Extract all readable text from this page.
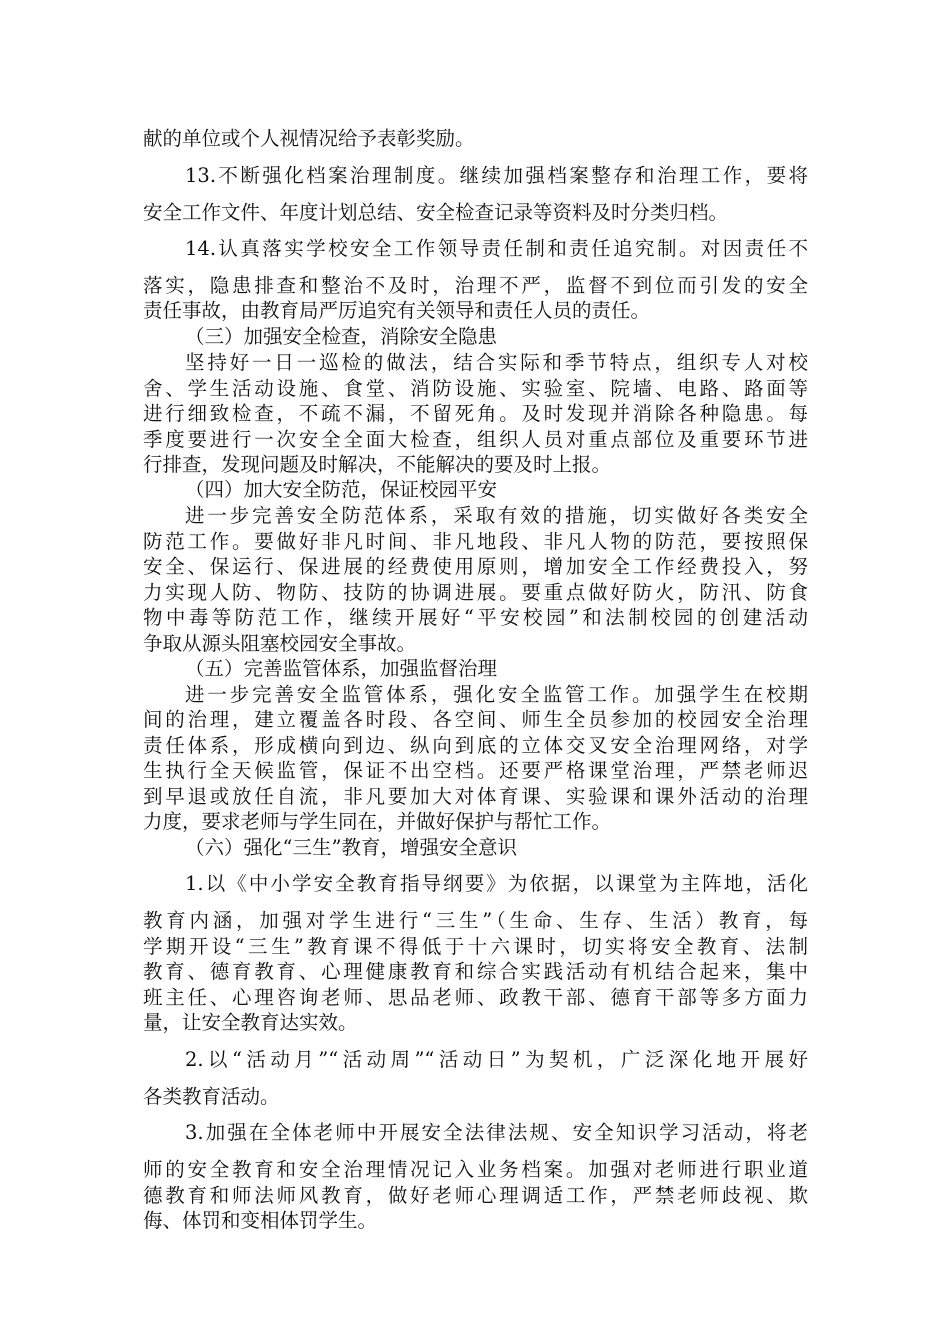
献的单位或个人视情况给予表彰奖励。
13.不断强化档案治理制度。继续加强档案整存和治理工作，要将
安全工作文件、年度计划总结、安全检查记录等资料及时分类归档。
14.认真落实学校安全工作领导责任制和责任追究制。对因责任不
落实，隐患排查和整治不及时，治理不严，监督不到位而引发的安全
责任事故，由教育局严厉追究有关领导和责任人员的责任。
（三）加强安全检查，消除安全隐患
坚持好一日一巡检的做法，结合实际和季节特点，组织专人对校
舍、学生活动设施、食堂、消防设施、实验室、院墙、电路、路面等
进行细致检查，不疏不漏，不留死角。及时发现并消除各种隐患。每
季度要进行一次安全全面大检查，组织人员对重点部位及重要环节进
行排查，发现问题及时解决，不能解决的要及时上报。
（四）加大安全防范，保证校园平安
进一步完善安全防范体系，采取有效的措施，切实做好各类安全
防范工作。要做好非凡时间、非凡地段、非凡人物的防范，要按照保
安全、保运行、保进展的经费使用原则，增加安全工作经费投入，努
力实现人防、物防、技防的协调进展。要重点做好防火，防汛、防食
物中毒等防范工作，继续开展好“平安校园”和法制校园的创建活动
争取从源头阻塞校园安全事故。
（五）完善监管体系，加强监督治理
进一步完善安全监管体系，强化安全监管工作。加强学生在校期
间的治理，建立覆盖各时段、各空间、师生全员参加的校园安全治理
责任体系，形成横向到边、纵向到底的立体交叉安全治理网络，对学
生执行全天候监管，保证不出空档。还要严格课堂治理，严禁老师迟
到早退或放任自流，非凡要加大对体育课、实验课和课外活动的治理
力度，要求老师与学生同在，并做好保护与帮忙工作。
（六）强化“三生”教育，增强安全意识
1.以《中小学安全教育指导纲要》为依据，以课堂为主阵地，活化
教育内涵，加强对学生进行“三生”（生命、生存、生活）教育，每
学期开设“三生”教育课不得低于十六课时，切实将安全教育、法制
教育、德育教育、心理健康教育和综合实践活动有机结合起来，集中
班主任、心理咨询老师、思品老师、政教干部、德育干部等多方面力
量，让安全教育达实效。
2.以“活动月”“活动周”“活动日”为契机，广泛深化地开展好
各类教育活动。
3.加强在全体老师中开展安全法律法规、安全知识学习活动，将老
师的安全教育和安全治理情况记入业务档案。加强对老师进行职业道
德教育和师法师风教育，做好老师心理调适工作，严禁老师歧视、欺
侮、体罚和变相体罚学生。
